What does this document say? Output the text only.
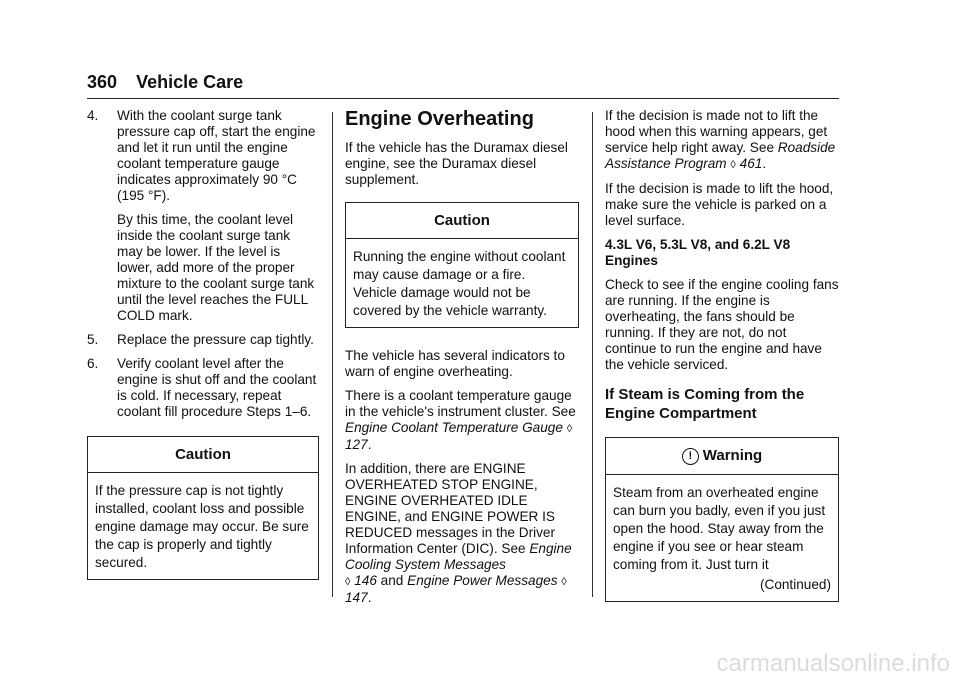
360 Vehicle Care
4. With the coolant surge tank pressure cap off, start the engine and let it run until the engine coolant temperature gauge indicates approximately 90 °C (195 °F).
By this time, the coolant level inside the coolant surge tank may be lower. If the level is lower, add more of the proper mixture to the coolant surge tank until the level reaches the FULL COLD mark.
5. Replace the pressure cap tightly.
6. Verify coolant level after the engine is shut off and the coolant is cold. If necessary, repeat coolant fill procedure Steps 1–6.
Caution
If the pressure cap is not tightly installed, coolant loss and possible engine damage may occur. Be sure the cap is properly and tightly secured.
Engine Overheating

If the vehicle has the Duramax diesel engine, see the Duramax diesel supplement.

Caution
Running the engine without coolant may cause damage or a fire. Vehicle damage would not be covered by the vehicle warranty.

The vehicle has several indicators to warn of engine overheating.

There is a coolant temperature gauge in the vehicle's instrument cluster. See Engine Coolant Temperature Gauge ◊ 127.

In addition, there are ENGINE OVERHEATED STOP ENGINE, ENGINE OVERHEATED IDLE ENGINE, and ENGINE POWER IS REDUCED messages in the Driver Information Center (DIC). See Engine Cooling System Messages
◊ 146 and Engine Power Messages ◊ 147.

If the decision is made not to lift the hood when this warning appears, get service help right away. See Roadside Assistance Program ◊ 461.

If the decision is made to lift the hood, make sure the vehicle is parked on a level surface.

4.3L V6, 5.3L V8, and 6.2L V8 Engines

Check to see if the engine cooling fans are running. If the engine is overheating, the fans should be running. If they are not, do not continue to run the engine and have the vehicle serviced.

If Steam is Coming from the Engine Compartment
! Warning
Steam from an overheated engine can burn you badly, even if you just open the hood. Stay away from the engine if you see or hear steam coming from it. Just turn it
(Continued)
carmanualsonline.info
